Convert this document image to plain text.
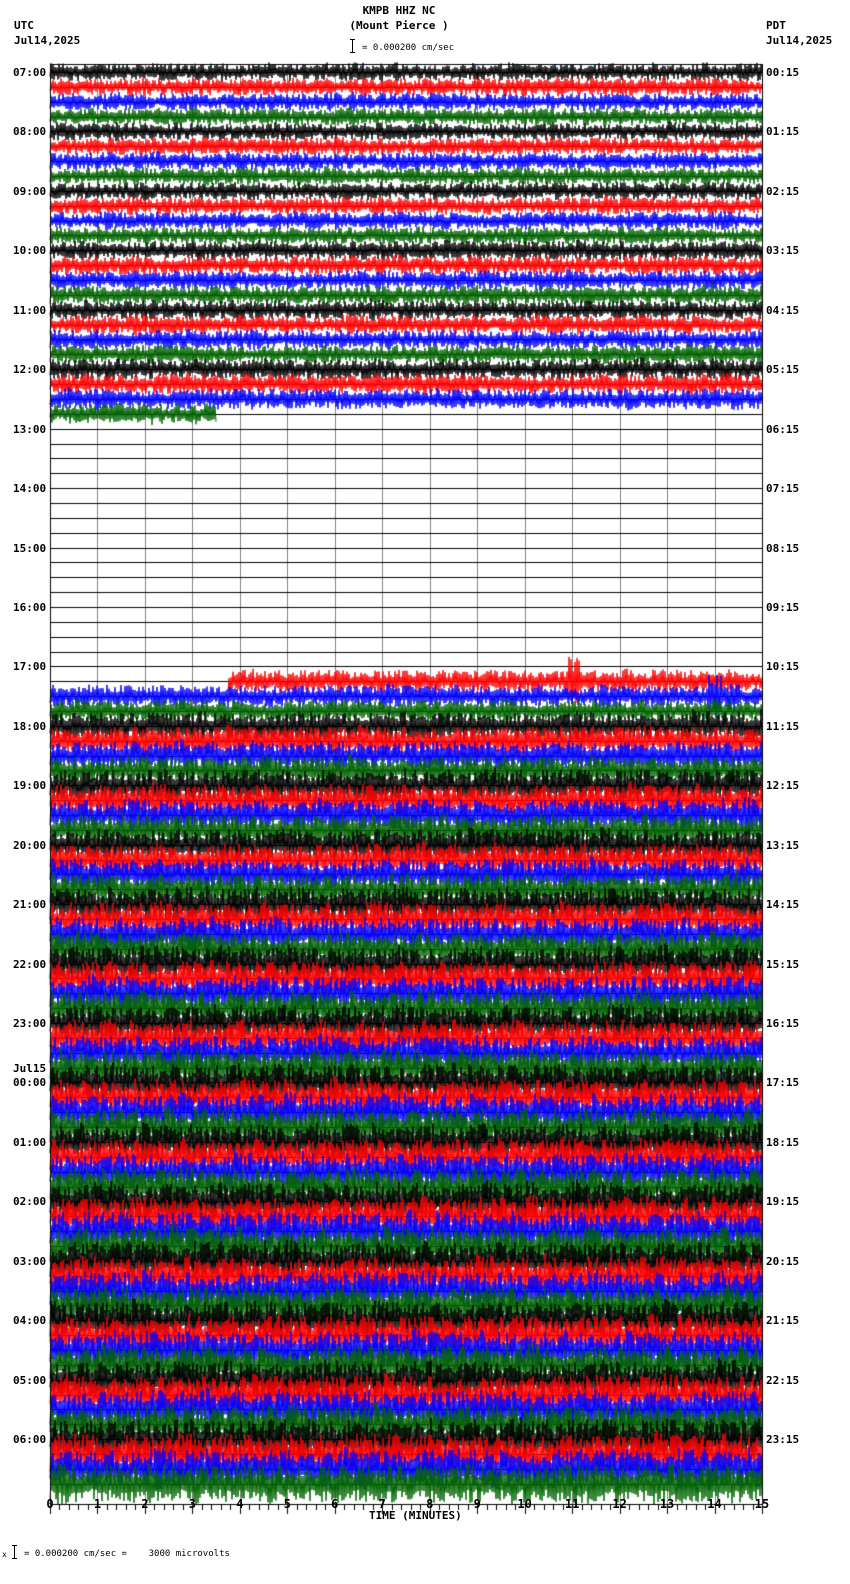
UTC
Jul14,2025
PDT
Jul14,2025
KMPB HHZ NC
(Mount Pierce )
= 0.000200 cm/sec
07:00
08:00
09:00
10:00
11:00
12:00
13:00
14:00
15:00
16:00
17:00
18:00
19:00
20:00
21:00
22:00
23:00
Jul15
00:00
01:00
02:00
03:00
04:00
05:00
06:00
00:15
01:15
02:15
03:15
04:15
05:15
06:15
07:15
08:15
09:15
10:15
11:15
12:15
13:15
14:15
15:15
16:15
17:15
18:15
19:15
20:15
21:15
22:15
23:15
0	1	2	3	4	5	6	7	8	9	10	11	12	13	14	15
TIME (MINUTES)
x = 0.000200 cm/sec =    3000 microvolts
